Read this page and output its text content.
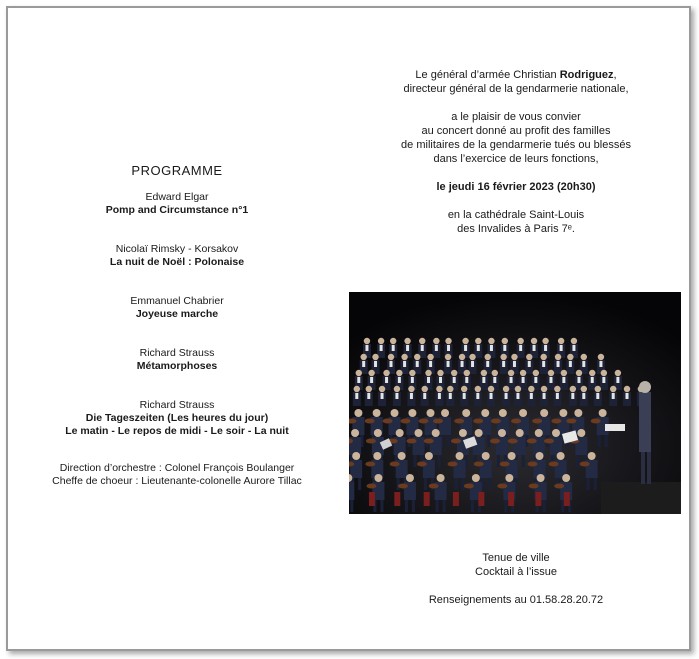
PROGRAMME
Edward Elgar
Pomp and Circumstance n°1
Nicolaï Rimsky - Korsakov
La nuit de Noël : Polonaise
Emmanuel Chabrier
Joyeuse marche
Richard Strauss
Métamorphoses
Richard Strauss
Die Tageszeiten (Les heures du jour)
Le matin - Le repos de midi - Le soir - La nuit
Direction d’orchestre : Colonel François Boulanger
Cheffe de choeur : Lieutenante-colonelle Aurore Tillac
Le général d’armée Christian Rodriguez,
directeur général de la gendarmerie nationale,
a le plaisir de vous convier
au concert donné au profit des familles
de militaires de la gendarmerie tués ou blessés
dans l’exercice de leurs fonctions,
le jeudi 16 février 2023 (20h30)
en la cathédrale Saint-Louis
des Invalides à Paris 7ᵉ.
Tenue de ville
Cocktail à l’issue
Renseignements au 01.58.28.20.72
